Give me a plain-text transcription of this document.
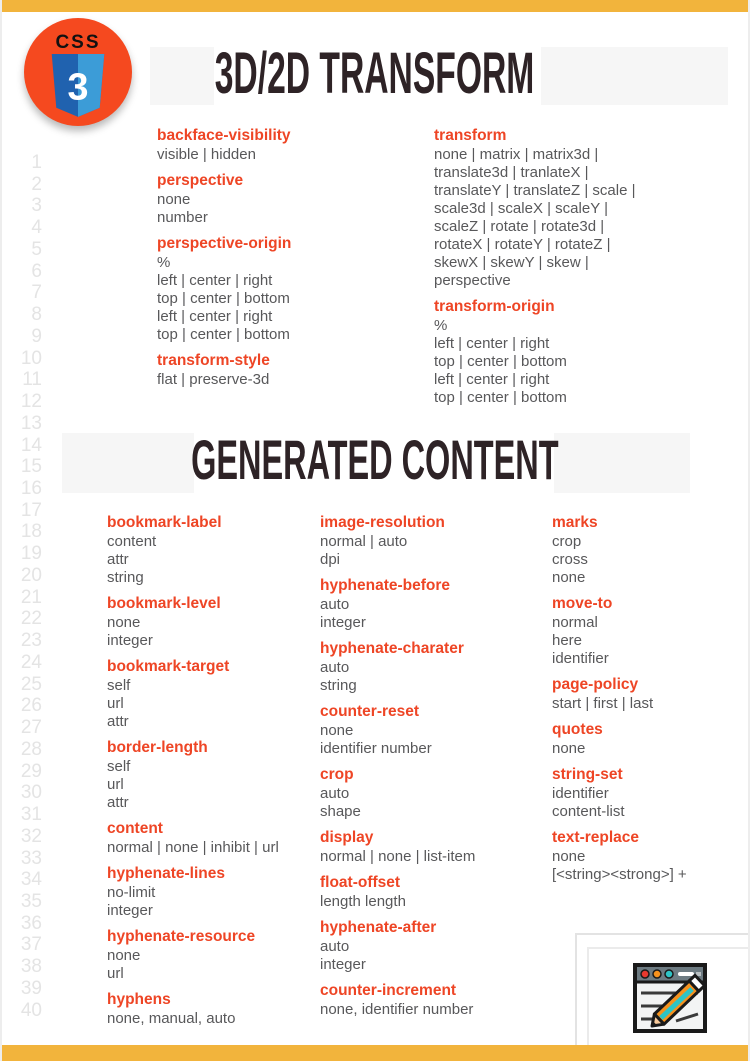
CSS
3	3D/2D TRANSFORM
1
2
3
4
5
6
7
8
9
10
11
12
13
14
15
16
17
18
19
20
21
22
23
24
25
26
27
28
29
30
31
32
33
34
35
36
37
38
39
40
backface-visibility
visible | hidden
perspective
none
number
perspective-origin
%
left | center | right
top | center | bottom
left | center | right
top | center | bottom
transform-style
flat | preserve-3d
transform
none | matrix | matrix3d |
translate3d | tranlateX |
translateY | translateZ | scale |
scale3d | scaleX | scaleY |
scaleZ | rotate | rotate3d |
rotateX | rotateY | rotateZ |
skewX | skewY | skew |
perspective
transform-origin
%
left | center | right
top | center | bottom
left | center | right
top | center | bottom
GENERATED CONTENT
bookmark-label
content
attr
string
bookmark-level
none
integer
bookmark-target
self
url
attr
border-length
self
url
attr
content
normal | none | inhibit | url
hyphenate-lines
no-limit
integer
hyphenate-resource
none
url
hyphens
none, manual, auto
image-resolution
normal | auto
dpi
hyphenate-before
auto
integer
hyphenate-charater
auto
string
counter-reset
none
identifier number
crop
auto
shape
display
normal | none | list-item
float-offset
length length
hyphenate-after
auto
integer
counter-increment
none, identifier number
marks
crop
cross
none
move-to
normal
here
identifier
page-policy
start | first | last
quotes
none
string-set
identifier
content-list
text-replace
none
[<string><strong>] +
